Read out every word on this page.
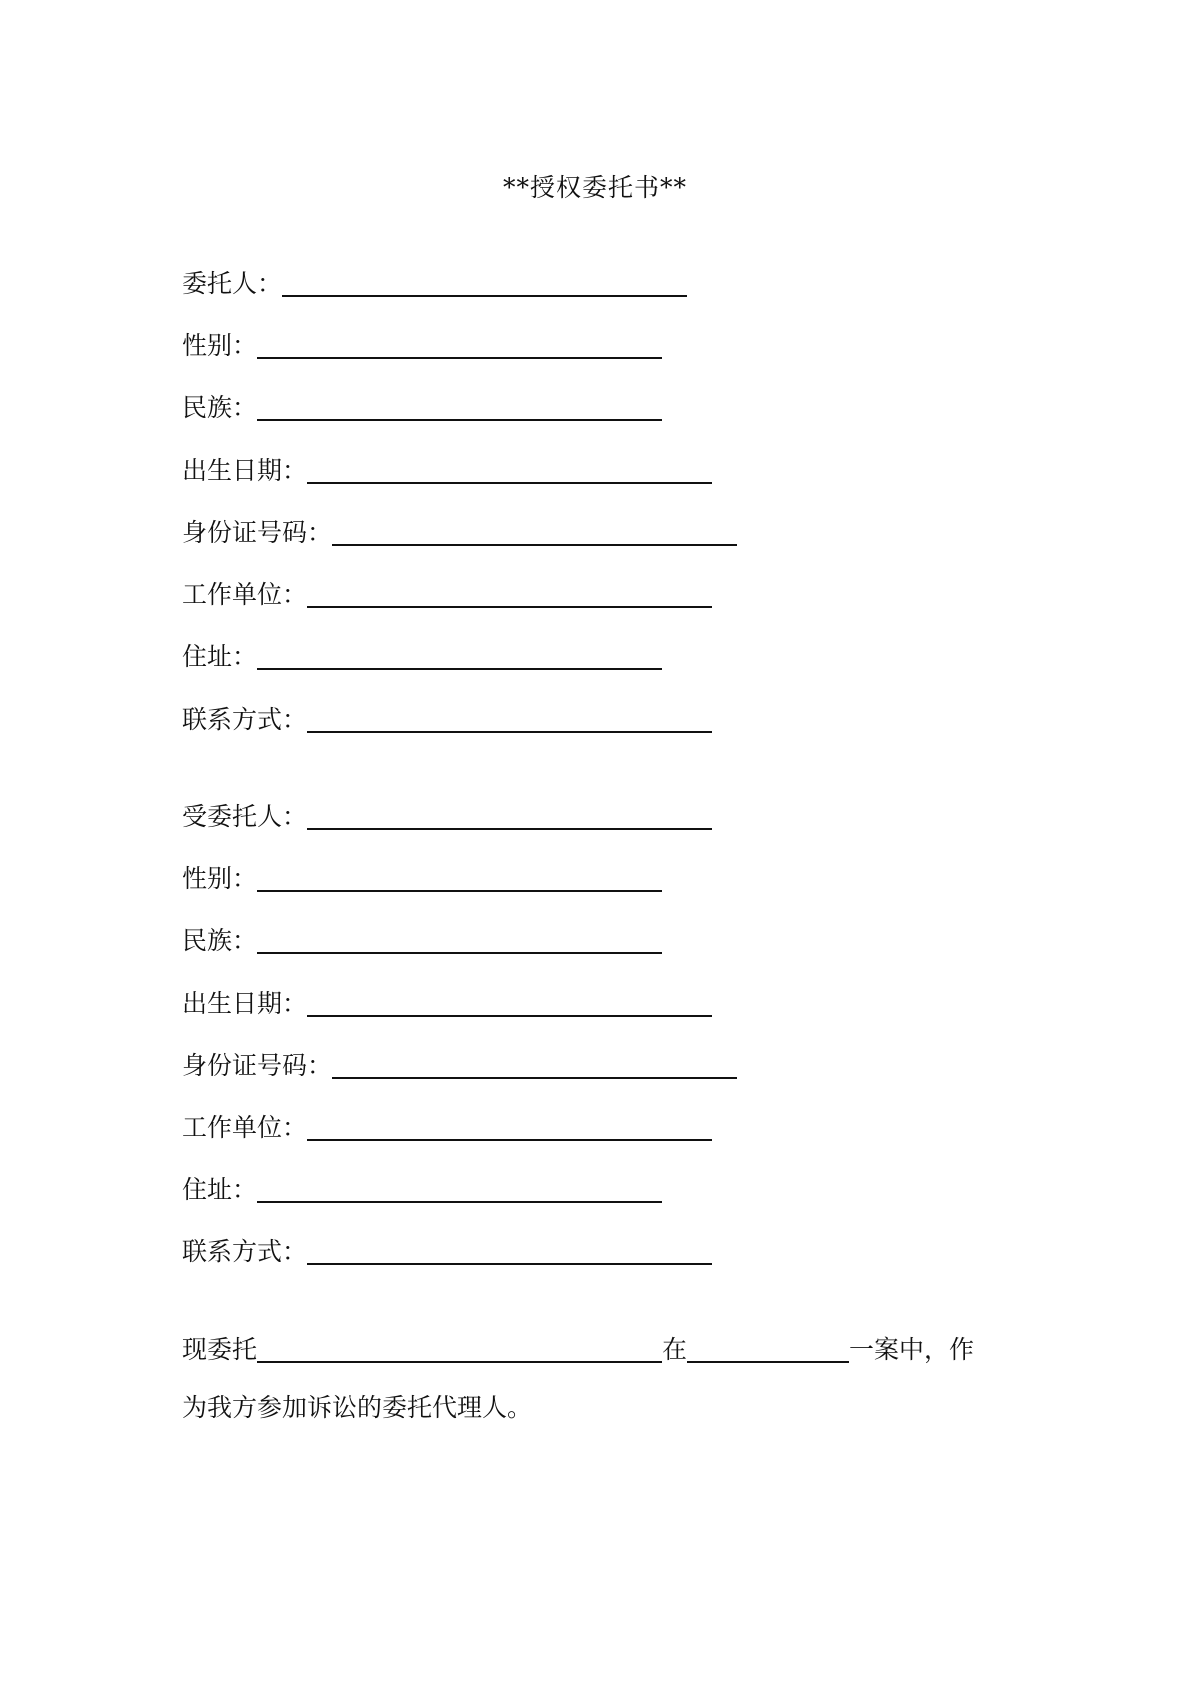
**授权委托书**
委托人：
性别：
民族：
出生日期：
身份证号码：
工作单位：
住址：
联系方式：
受委托人：
性别：
民族：
出生日期：
身份证号码：
工作单位：
住址：
联系方式：
现委托	在	一案中，作
为我方参加诉讼的委托代理人。
